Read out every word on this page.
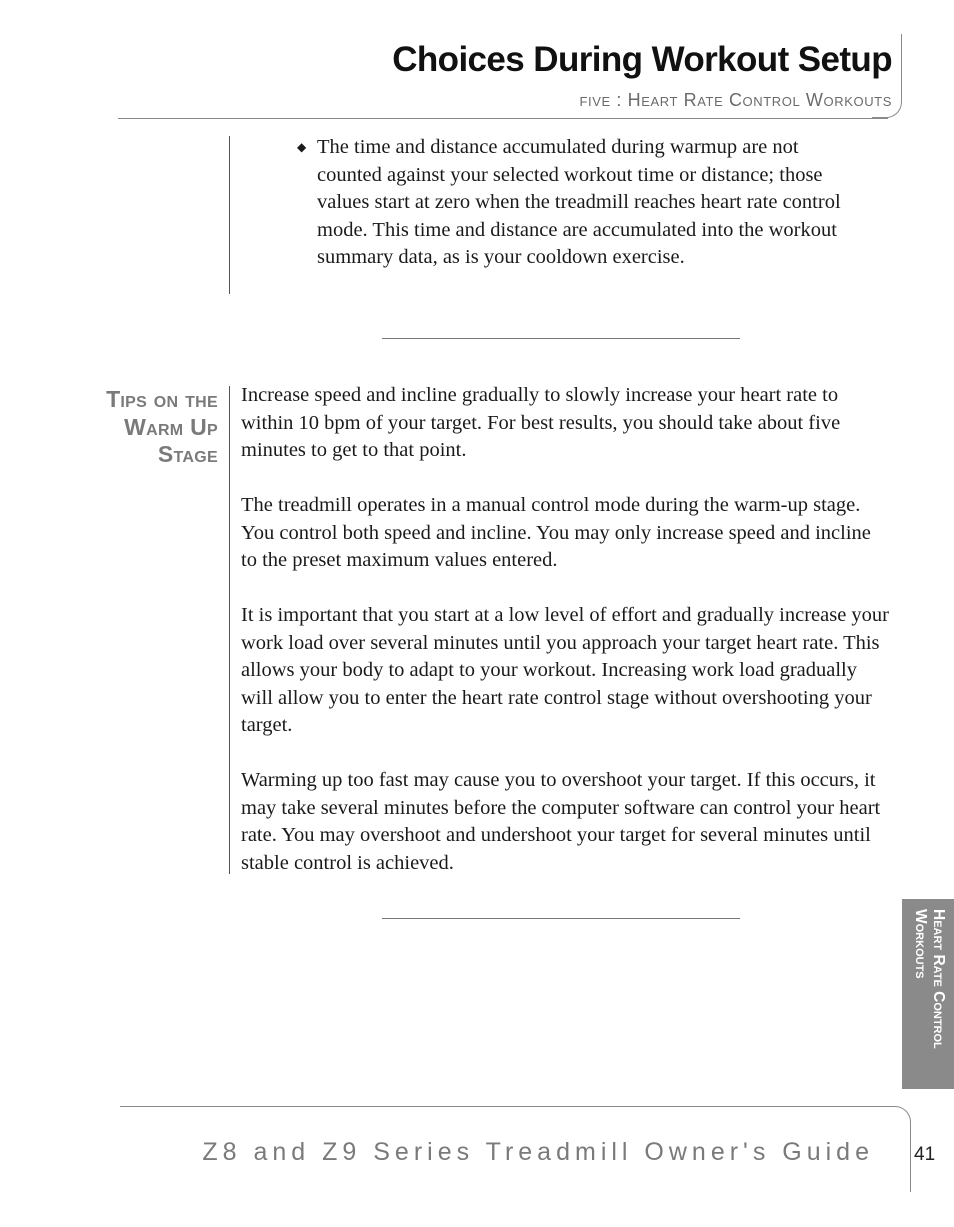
Choices During Workout Setup
five : Heart Rate Control Workouts
◆ The time and distance accumulated during warmup are not counted against your selected workout time or distance; those values start at zero when the treadmill reaches heart rate control mode. This time and distance are accumulated into the workout summary data, as is your cooldown exercise.
Tips on the
Warm Up
Stage

Increase speed and incline gradually to slowly increase your heart rate to within 10 bpm of your target. For best results, you should take about five minutes to get to that point.

The treadmill operates in a manual control mode during the warm-up stage. You control both speed and incline. You may only increase speed and incline to the preset maximum values entered.

It is important that you start at a low level of effort and gradually increase your work load over several minutes until you approach your target heart rate. This allows your body to adapt to your workout. Increasing work load gradually will allow you to enter the heart rate control stage without overshooting your target.

Warming up too fast may cause you to overshoot your target. If this occurs, it may take several minutes before the computer software can control your heart rate. You may overshoot and undershoot your target for several minutes until stable control is achieved.

Heart Rate Control
Workouts
Z8 and Z9 Series Treadmill Owner's Guide 41
